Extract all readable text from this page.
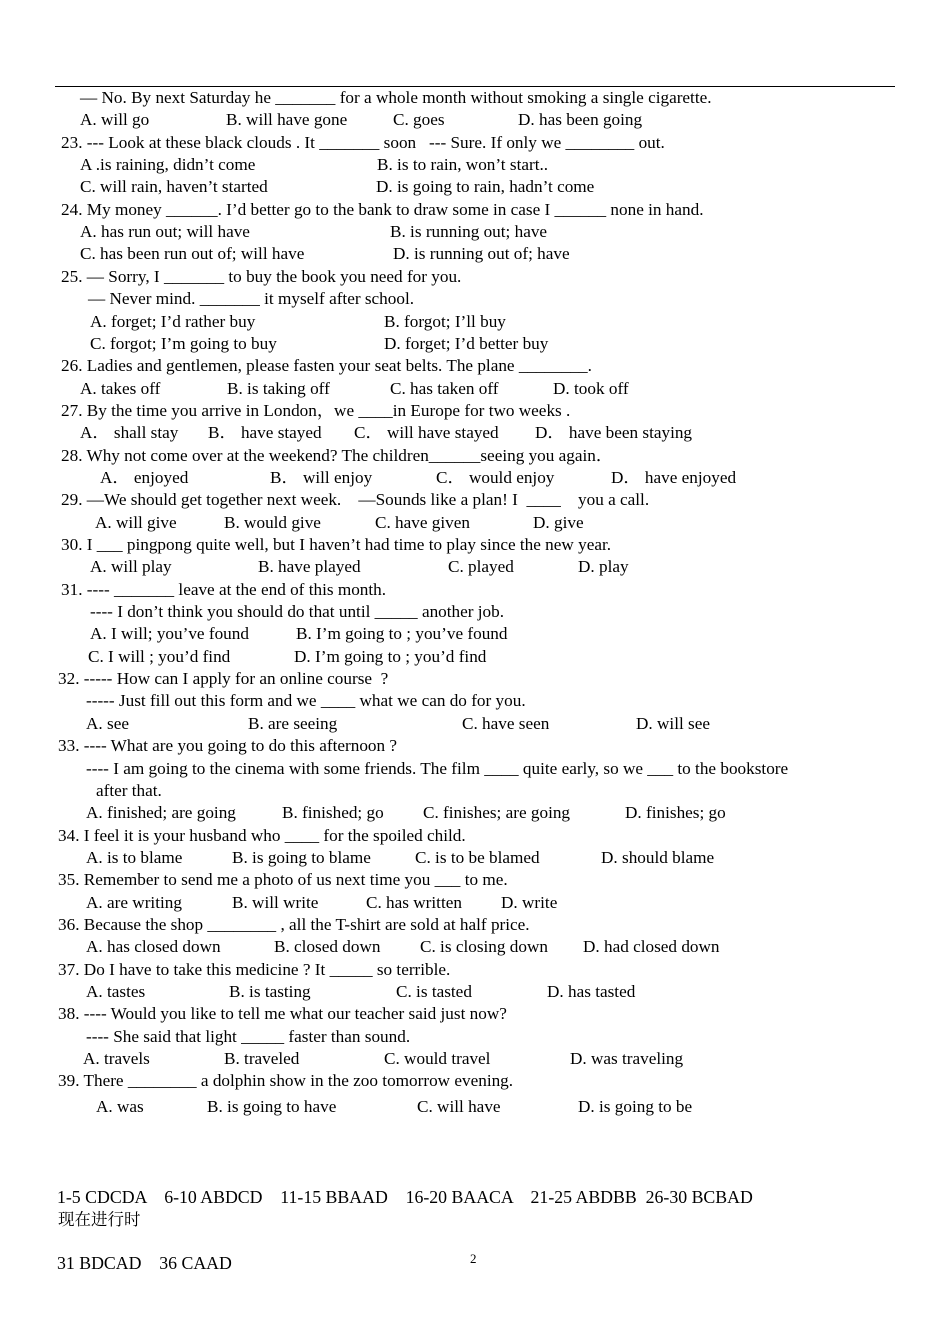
— No. By next Saturday he _______ for a whole month without smoking a single cigarette.
A. will go	B. will have gone	C. goes	D. has been going
23. --- Look at these black clouds . It _______ soon   --- Sure. If only we ________ out.
A .is raining, didn’t come	B. is to rain, won’t start..
C. will rain, haven’t started	D. is going to rain, hadn’t come
24. My money ______. I’d better go to the bank to draw some in case I ______ none in hand.
A. has run out; will have	B. is running out; have
C. has been run out of; will have	D. is running out of; have
25. — Sorry, I _______ to buy the book you need for you.
— Never mind. _______ it myself after school.
A. forget; I’d rather buy	B. forgot; I’ll buy
C. forgot; I’m going to buy	D. forget; I’d better buy
26. Ladies and gentlemen, please fasten your seat belts. The plane ________.
A. takes off	B. is taking off	C. has taken off	D. took off
27. By the time you arrive in London，we ____in Europe for two weeks .
A． shall stay B． have stayed C． will have stayed D． have been staying
28. Why not come over at the weekend? The children______seeing you again．
A． enjoyed	B． will enjoy	C． would enjoy	D． have enjoyed
29. —We should get together next week.    —Sounds like a plan! I  ____    you a call.
A. will give	B. would give	C. have given	D. give
30. I ___ pingpong quite well, but I haven’t had time to play since the new year.
A. will play	B. have played	C. played	D. play
31. ---- _______ leave at the end of this month.
---- I don’t think you should do that until _____ another job.
A. I will; you’ve found	B. I’m going to ; you’ve found
C. I will ; you’d find	D. I’m going to ; you’d find
32. ----- How can I apply for an online course  ?
----- Just fill out this form and we ____ what we can do for you.
A. see	B. are seeing	C. have seen	D. will see
33. ---- What are you going to do this afternoon ?
---- I am going to the cinema with some friends. The film ____ quite early, so we ___ to the bookstore
after that.
A. finished; are going	B. finished; go C. finishes; are going	D. finishes; go
34. I feel it is your husband who ____ for the spoiled child.
A. is to blame	B. is going to blame	C. is to be blamed	D. should blame
35. Remember to send me a photo of us next time you ___ to me.
A. are writing	B. will write	C. has written D. write
36. Because the shop ________ , all the T-shirt are sold at half price.
A. has closed down	B. closed down C. is closing down D. had closed down
37. Do I have to take this medicine ? It _____ so terrible.
A. tastes	B. is tasting	C. is tasted	D. has tasted
38. ---- Would you like to tell me what our teacher said just now?
---- She said that light _____ faster than sound.
A. travels	B. traveled	C. would travel	D. was traveling
39. There ________ a dolphin show in the zoo tomorrow evening.
A. was	B. is going to have	C. will have	D. is going to be

1-5 CDCDA    6-10 ABDCD    11-15 BBAAD    16-20 BAACA    21-25 ABDBB  26-30 BCBAD

31 BDCAD    36 CAAD

现在进行时
2
